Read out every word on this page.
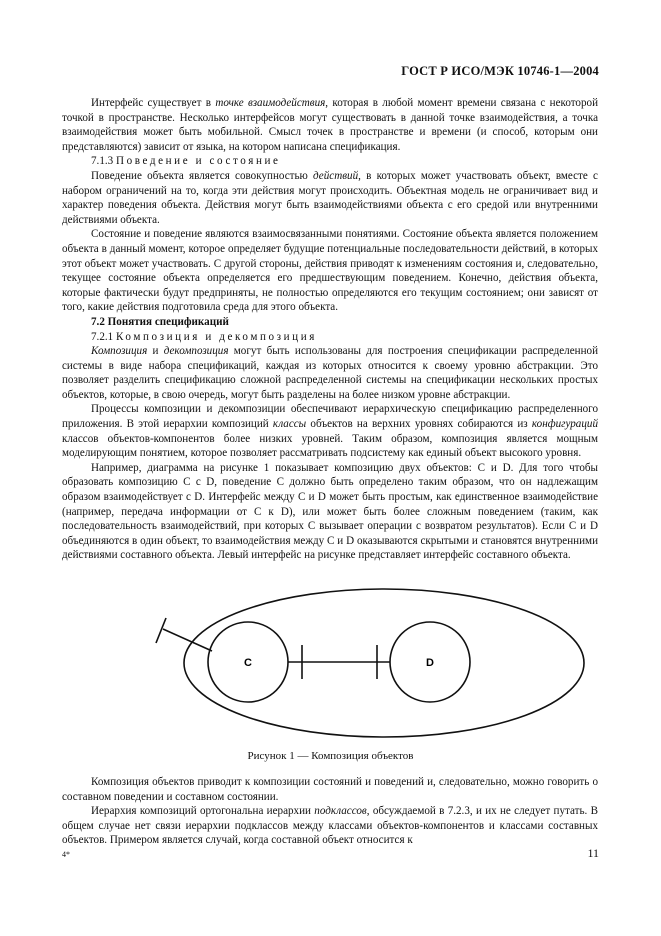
ГОСТ Р ИСО/МЭК 10746-1—2004

Интерфейс существует в точке взаимодействия, которая в любой момент времени связана с некоторой точкой в пространстве. Несколько интерфейсов могут существовать в данной точке взаимодействия, а точка взаимодействия может быть мобильной. Смысл точек в пространстве и времени (и способ, которым они представляются) зависит от языка, на котором написана спецификация.

7.1.3 Поведение и состояние

Поведение объекта является совокупностью действий, в которых может участвовать объект, вместе с набором ограничений на то, когда эти действия могут происходить. Объектная модель не ограничивает вид и характер поведения объекта. Действия могут быть взаимодействиями объекта с его средой или внутренними действиями объекта.

Состояние и поведение являются взаимосвязанными понятиями. Состояние объекта является положением объекта в данный момент, которое определяет будущие потенциальные последовательности действий, в которых этот объект может участвовать. С другой стороны, действия приводят к изменениям состояния и, следовательно, текущее состояние объекта определяется его предшествующим поведением. Конечно, действия объекта, которые фактически будут предприняты, не полностью определяются его текущим состоянием; они зависят от того, какие действия подготовила среда для этого объекта.

7.2 Понятия спецификаций

7.2.1 Композиция и декомпозиция

Композиция и декомпозиция могут быть использованы для построения спецификации распределенной системы в виде набора спецификаций, каждая из которых относится к своему уровню абстракции. Это позволяет разделить спецификацию сложной распределенной системы на спецификации нескольких простых объектов, которые, в свою очередь, могут быть разделены на более низком уровне абстракции.

Процессы композиции и декомпозиции обеспечивают иерархическую спецификацию распределенного приложения. В этой иерархии композиций классы объектов на верхних уровнях собираются из конфигураций классов объектов-компонентов более низких уровней. Таким образом, композиция является мощным моделирующим понятием, которое позволяет рассматривать подсистему как единый объект высокого уровня.

Например, диаграмма на рисунке 1 показывает композицию двух объектов: С и D. Для того чтобы образовать композицию С с D, поведение С должно быть определено таким образом, что он надлежащим образом взаимодействует с D. Интерфейс между С и D может быть простым, как единственное взаимодействие (например, передача информации от С к D), или может быть более сложным поведением (таким, как последовательность взаимодействий, при которых С вызывает операции с возвратом результатов). Если С и D объединяются в один объект, то взаимодействия между С и D оказываются скрытыми и становятся внутренними действиями составного объекта. Левый интерфейс на рисунке представляет интерфейс составного объекта.

C	D
Рисунок 1 — Композиция объектов

Композиция объектов приводит к композиции состояний и поведений и, следовательно, можно говорить о составном поведении и составном состоянии.

Иерархия композиций ортогональна иерархии подклассов, обсуждаемой в 7.2.3, и их не следует путать. В общем случае нет связи иерархии подклассов между классами объектов-компонентов и классами составных объектов. Примером является случай, когда составной объект относится к

4*	11
